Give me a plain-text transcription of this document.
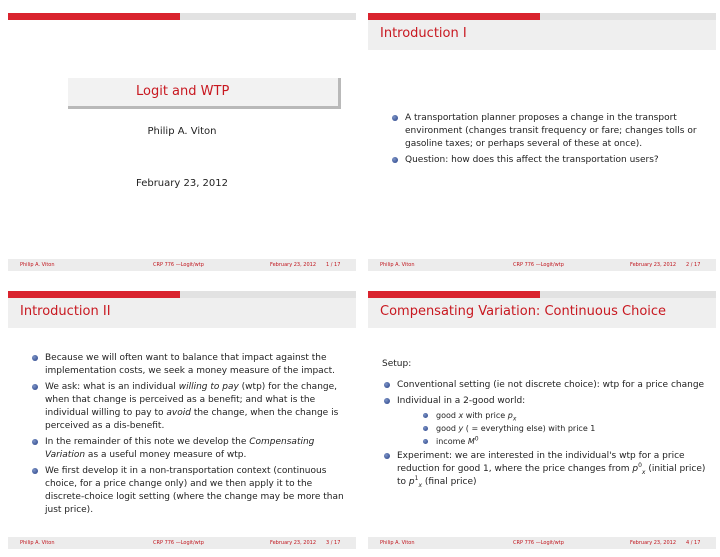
Logit and WTP
Philip A. Viton
February 23, 2012
Philip A. Viton	CRP 776 —Logit/wtp	February 23, 2012 1 / 17
Introduction I
A transportation planner proposes a change in the transport environment (changes transit frequency or fare; changes tolls or gasoline taxes; or perhaps several of these at once).
Question: how does this affect the transportation users?
Philip A. Viton	CRP 776 —Logit/wtp	February 23, 2012 2 / 17
Introduction II
Because we will often want to balance that impact against the implementation costs, we seek a money measure of the impact.
We ask: what is an individual willing to pay (wtp) for the change, when that change is perceived as a benefit; and what is the individual willing to pay to avoid the change, when the change is perceived as a dis-benefit.
In the remainder of this note we develop the Compensating Variation as a useful money measure of wtp.
We first develop it in a non-transportation context (continuous choice, for a price change only) and we then apply it to the discrete-choice logit setting (where the change may be more than just price).
Philip A. Viton	CRP 776 —Logit/wtp	February 23, 2012 3 / 17
Compensating Variation: Continuous Choice
Setup:
Conventional setting (ie not discrete choice): wtp for a price change
Individual in a 2-good world:
good x with price $p_x$
good y ( = everything else) with price 1
income $M^0$
Experiment: we are interested in the individual's wtp for a price reduction for good 1, where the price changes from $p^0_x$ (initial price) to $p^1_x$ (final price)
Philip A. Viton	CRP 776 —Logit/wtp	February 23, 2012 4 / 17
